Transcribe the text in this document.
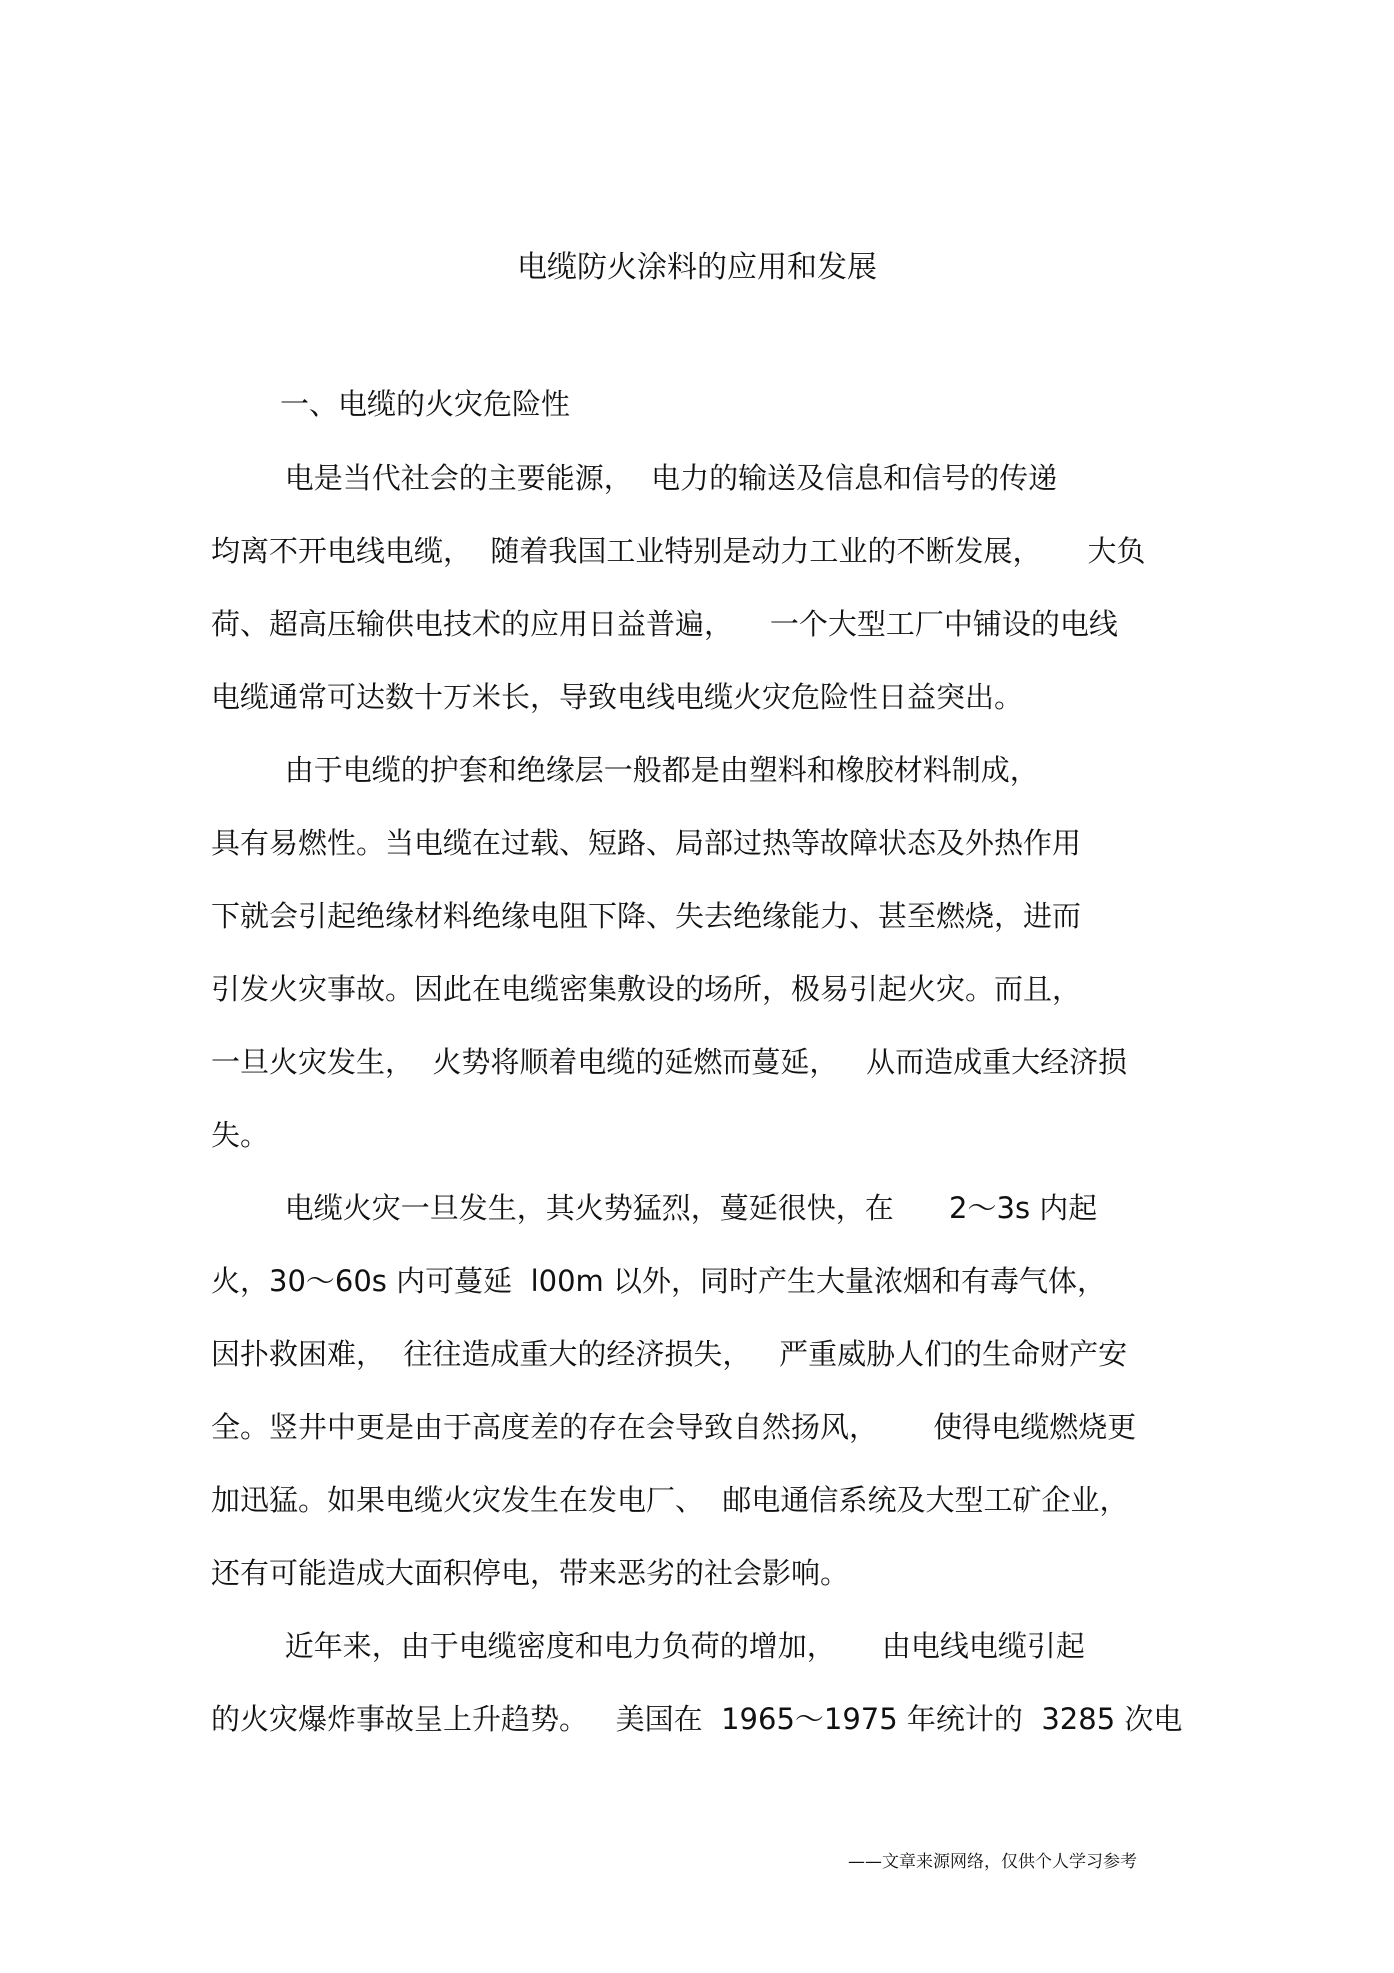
电缆防火涂料的应用和发展
一、电缆的火灾危险性
电是当代社会的主要能源，  电力的输送及信息和信号的传递
均离不开电线电缆，  随着我国工业特别是动力工业的不断发展，     大负
荷、超高压输供电技术的应用日益普遍，    一个大型工厂中铺设的电线
电缆通常可达数十万米长，导致电线电缆火灾危险性日益突出。
由于电缆的护套和绝缘层一般都是由塑料和橡胶材料制成，
具有易燃性。当电缆在过载、短路、局部过热等故障状态及外热作用
下就会引起绝缘材料绝缘电阻下降、失去绝缘能力、甚至燃烧，进而
引发火灾事故。因此在电缆密集敷设的场所，极易引起火灾。而且，
一旦火灾发生，  火势将顺着电缆的延燃而蔓延，   从而造成重大经济损
失。
电缆火灾一旦发生，其火势猛烈，蔓延很快，在      2～3s 内起
火，30～60s 内可蔓延  l00m 以外，同时产生大量浓烟和有毒气体，
因扑救困难，  往往造成重大的经济损失，   严重威胁人们的生命财产安
全。竖井中更是由于高度差的存在会导致自然扬风，      使得电缆燃烧更
加迅猛。如果电缆火灾发生在发电厂、  邮电通信系统及大型工矿企业，
还有可能造成大面积停电，带来恶劣的社会影响。
近年来，由于电缆密度和电力负荷的增加，     由电线电缆引起
的火灾爆炸事故呈上升趋势。   美国在  1965～1975 年统计的  3285 次电
——文章来源网络，仅供个人学习参考
